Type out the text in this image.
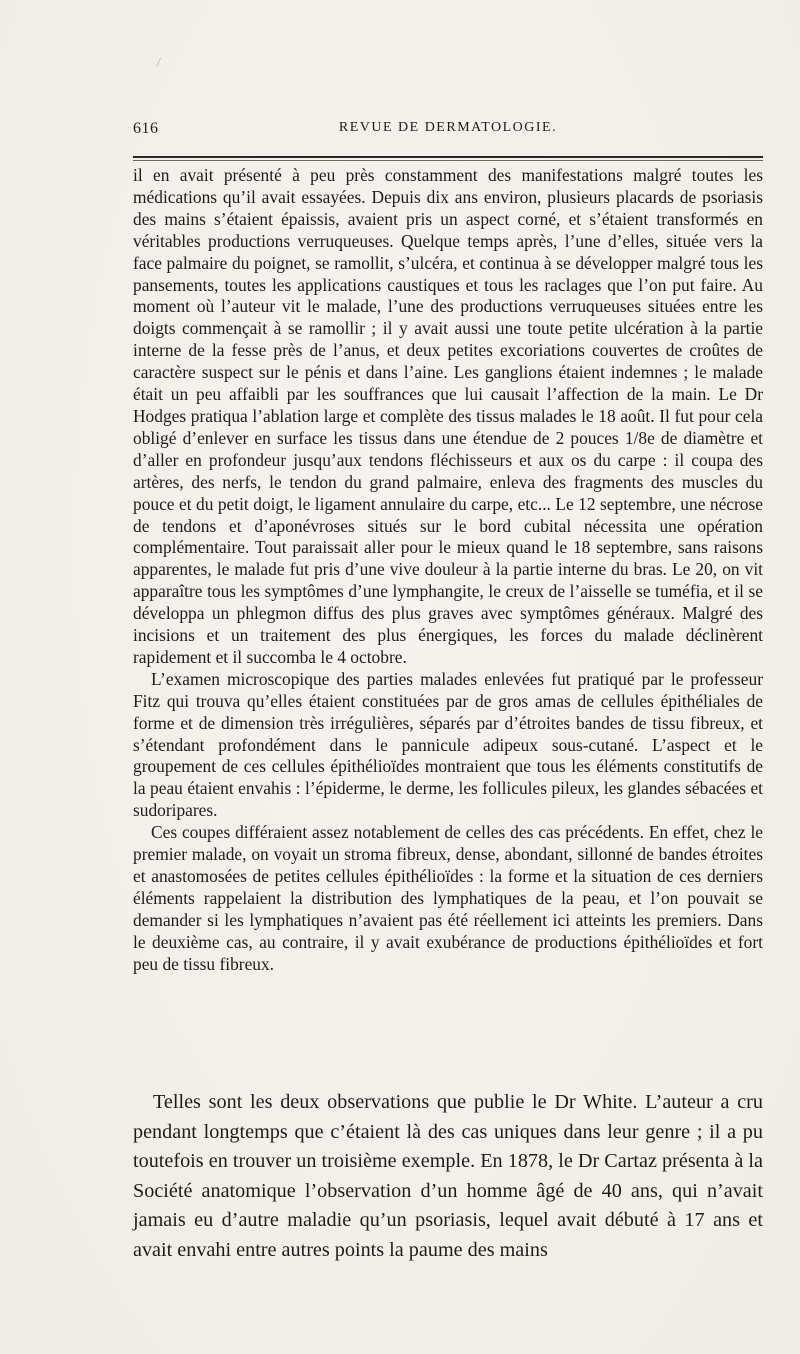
616	REVUE DE DERMATOLOGIE.

il en avait présenté à peu près constamment des manifestations malgré toutes les médications qu’il avait essayées. Depuis dix ans environ, plusieurs placards de psoriasis des mains s’étaient épaissis, avaient pris un aspect corné, et s’étaient transformés en véritables productions verruqueuses. Quelque temps après, l’une d’elles, située vers la face palmaire du poignet, se ramollit, s’ulcéra, et continua à se développer malgré tous les pansements, toutes les applications caustiques et tous les raclages que l’on put faire. Au moment où l’auteur vit le malade, l’une des productions verruqueuses situées entre les doigts commençait à se ramollir ; il y avait aussi une toute petite ulcération à la partie interne de la fesse près de l’anus, et deux petites excoriations couvertes de croûtes de caractère suspect sur le pénis et dans l’aine. Les ganglions étaient indemnes ; le malade était un peu affaibli par les souffrances que lui causait l’affection de la main. Le Dr Hodges pratiqua l’ablation large et complète des tissus malades le 18 août. Il fut pour cela obligé d’enlever en surface les tissus dans une étendue de 2 pouces 1/8e de diamètre et d’aller en profondeur jusqu’aux tendons fléchisseurs et aux os du carpe : il coupa des artères, des nerfs, le tendon du grand palmaire, enleva des fragments des muscles du pouce et du petit doigt, le ligament annulaire du carpe, etc... Le 12 septembre, une nécrose de tendons et d’aponévroses situés sur le bord cubital nécessita une opération complémentaire. Tout paraissait aller pour le mieux quand le 18 septembre, sans raisons apparentes, le malade fut pris d’une vive douleur à la partie interne du bras. Le 20, on vit apparaître tous les symptômes d’une lymphangite, le creux de l’aisselle se tuméfia, et il se développa un phlegmon diffus des plus graves avec symptômes généraux. Malgré des incisions et un traitement des plus énergiques, les forces du malade déclinèrent rapidement et il succomba le 4 octobre.

L’examen microscopique des parties malades enlevées fut pratiqué par le professeur Fitz qui trouva qu’elles étaient constituées par de gros amas de cellules épithéliales de forme et de dimension très irrégulières, séparés par d’étroites bandes de tissu fibreux, et s’étendant profondément dans le pannicule adipeux sous-cutané. L’aspect et le groupement de ces cellules épithélioïdes montraient que tous les éléments constitutifs de la peau étaient envahis : l’épiderme, le derme, les follicules pileux, les glandes sébacées et sudoripares.

Ces coupes différaient assez notablement de celles des cas précédents. En effet, chez le premier malade, on voyait un stroma fibreux, dense, abondant, sillonné de bandes étroites et anastomosées de petites cellules épithélioïdes : la forme et la situation de ces derniers éléments rappelaient la distribution des lymphatiques de la peau, et l’on pouvait se demander si les lymphatiques n’avaient pas été réellement ici atteints les premiers. Dans le deuxième cas, au contraire, il y avait exubérance de productions épithélioïdes et fort peu de tissu fibreux.

Telles sont les deux observations que publie le Dr White. L’auteur a cru pendant longtemps que c’étaient là des cas uniques dans leur genre ; il a pu toutefois en trouver un troisième exemple. En 1878, le Dr Cartaz présenta à la Société anatomique l’observation d’un homme âgé de 40 ans, qui n’avait jamais eu d’autre maladie qu’un psoriasis, lequel avait débuté à 17 ans et avait envahi entre autres points la paume des mains
